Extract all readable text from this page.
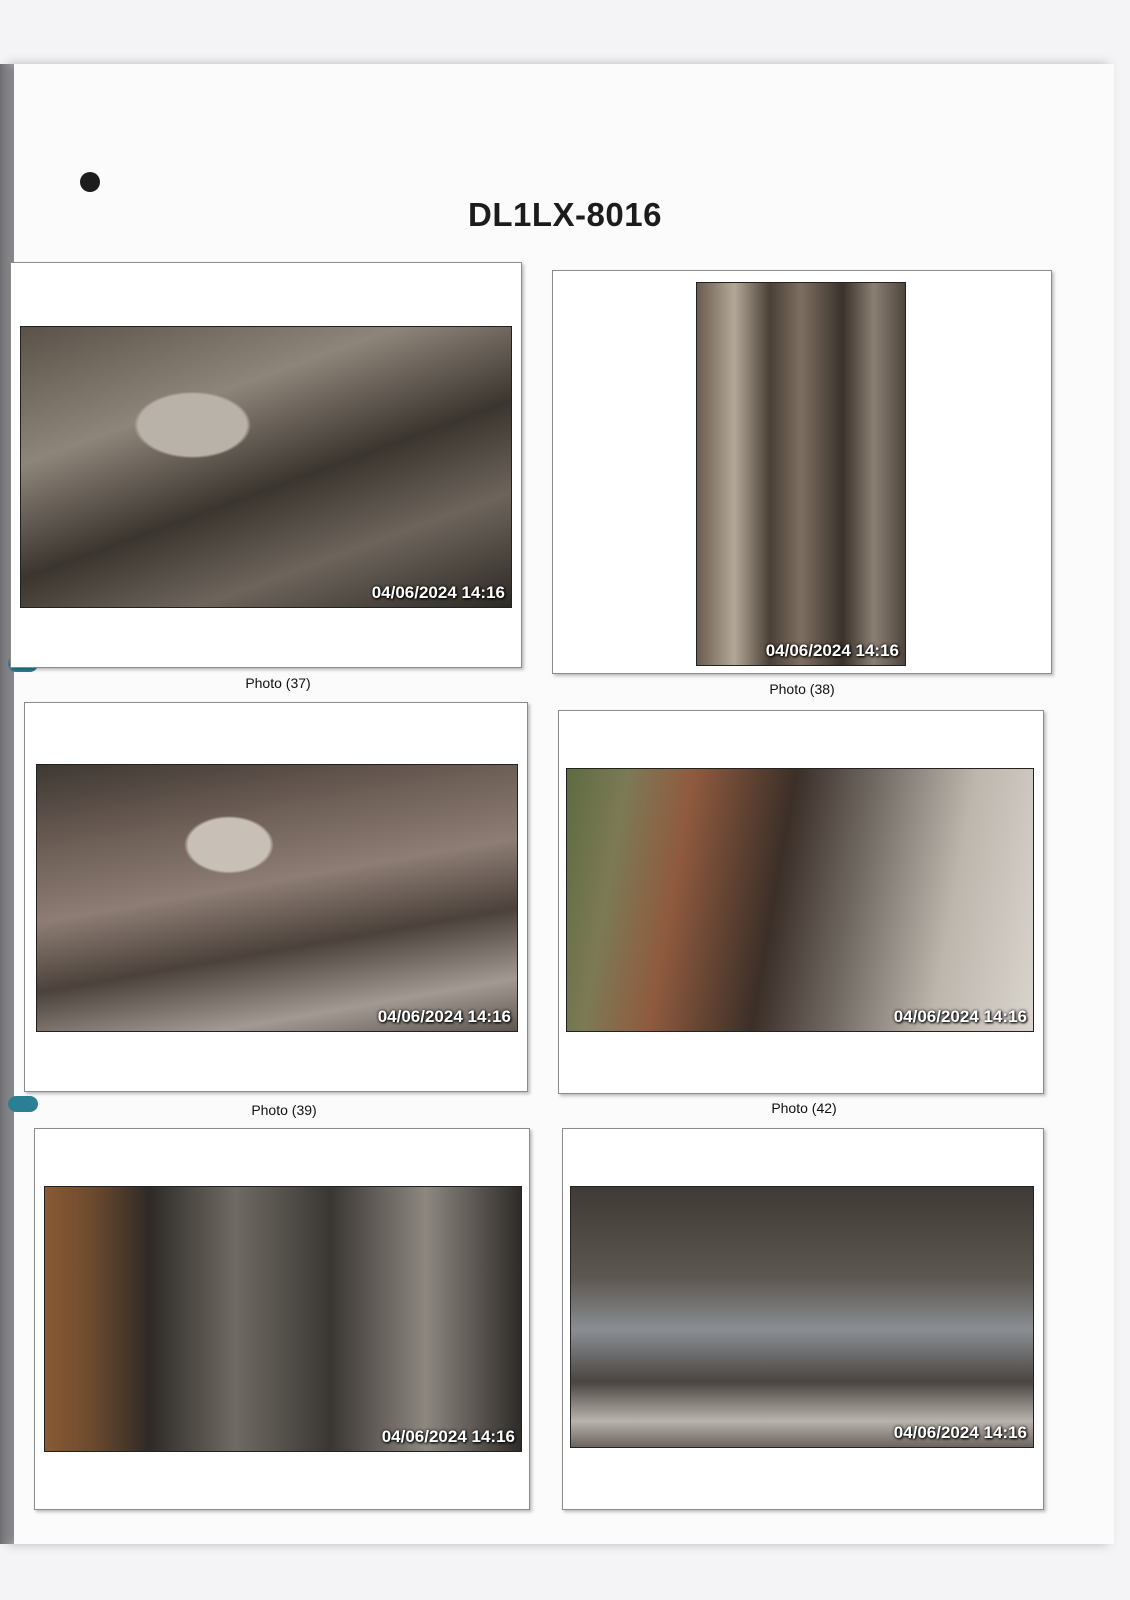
DL1LX-8016
04/06/2024 14:16
Photo (37)
04/06/2024 14:16
Photo (38)
04/06/2024 14:16
Photo (39)
04/06/2024 14:16
Photo (42)
04/06/2024 14:16	04/06/2024 14:16
